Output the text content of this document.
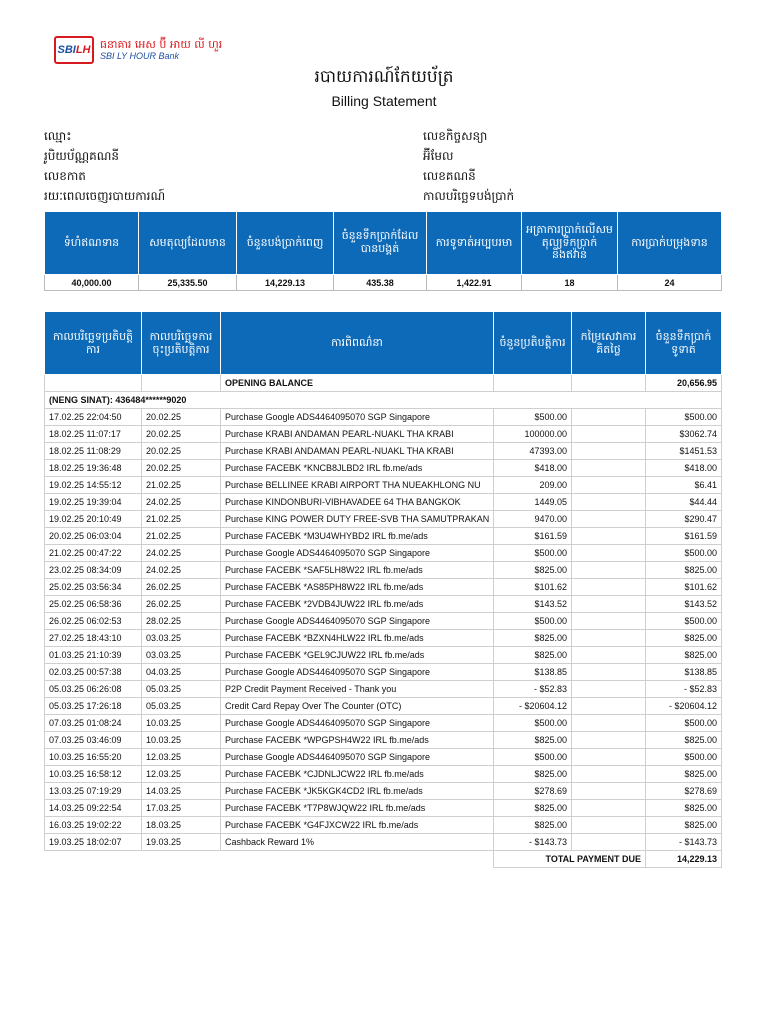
SBI LH ធនាគារ អេស ប៊ី អាយ លី ហួរ
SBI LY HOUR Bank
របាយការណ៍កែយប័ត្រ
Billing Statement
ឈ្មោះ
រូបិយប័ណ្ណគណនី
លេខកាត
រយៈពេលចេញរបាយការណ៍
លេខកិច្ចសន្យា
អ៊ីមែល
លេខគណនី
កាលបរិច្ឆេទបង់ប្រាក់
ទំហំឥណទាន	សមតុល្យដែលមាន	ចំនួនបង់ប្រាក់ពេញ	ចំនួនទឹកប្រាក់ដែលបានបង្គត់	ការទូទាត់អប្បបរមា	អត្រាការប្រាក់លើសមតុល្យទឹកប្រាក់និងឥវ៉ាន់	ការប្រាក់បម្រុងទាន
40,000.00	25,335.50	14,229.13	435.38	1,422.91	18	24
កាលបរិច្ឆេទប្រតិបត្តិការ	កាលបរិច្ឆេទការចុះប្រតិបត្តិការ	ការពិពណ៌នា	ចំនួនប្រតិបត្តិការ	កម្រៃសេវាការគិតថ្លៃ	ចំនួនទឹកប្រាក់ទូទាត់
		OPENING BALANCE			20,656.95
(NENG SINAT): 436484******9020					
17.02.25 22:04:50	20.02.25	Purchase Google ADS4464095070 SGP Singapore	$500.00		$500.00
18.02.25 11:07:17	20.02.25	Purchase KRABI ANDAMAN PEARL-NUAKL THA KRABI	100000.00		$3062.74
18.02.25 11:08:29	20.02.25	Purchase KRABI ANDAMAN PEARL-NUAKL THA KRABI	47393.00		$1451.53
18.02.25 19:36:48	20.02.25	Purchase FACEBK *KNCB8JLBD2 IRL fb.me/ads	$418.00		$418.00
19.02.25 14:55:12	21.02.25	Purchase BELLINEE KRABI AIRPORT THA NUEAKHLONG NU	209.00		$6.41
19.02.25 19:39:04	24.02.25	Purchase KINDONBURI-VIBHAVADEE 64 THA BANGKOK	1449.05		$44.44
19.02.25 20:10:49	21.02.25	Purchase KING POWER DUTY FREE-SVB THA SAMUTPRAKAN	9470.00		$290.47
20.02.25 06:03:04	21.02.25	Purchase FACEBK *M3U4WHYBD2 IRL fb.me/ads	$161.59		$161.59
21.02.25 00:47:22	24.02.25	Purchase Google ADS4464095070 SGP Singapore	$500.00		$500.00
23.02.25 08:34:09	24.02.25	Purchase FACEBK *SAF5LH8W22 IRL fb.me/ads	$825.00		$825.00
25.02.25 03:56:34	26.02.25	Purchase FACEBK *AS85PH8W22 IRL fb.me/ads	$101.62		$101.62
25.02.25 06:58:36	26.02.25	Purchase FACEBK *2VDB4JUW22 IRL fb.me/ads	$143.52		$143.52
26.02.25 06:02:53	28.02.25	Purchase Google ADS4464095070 SGP Singapore	$500.00		$500.00
27.02.25 18:43:10	03.03.25	Purchase FACEBK *BZXN4HLW22 IRL fb.me/ads	$825.00		$825.00
01.03.25 21:10:39	03.03.25	Purchase FACEBK *GEL9CJUW22 IRL fb.me/ads	$825.00		$825.00
02.03.25 00:57:38	04.03.25	Purchase Google ADS4464095070 SGP Singapore	$138.85		$138.85
05.03.25 06:26:08	05.03.25	P2P Credit Payment Received - Thank you	- $52.83		- $52.83
05.03.25 17:26:18	05.03.25	Credit Card Repay Over The Counter (OTC)	- $20604.12		- $20604.12
07.03.25 01:08:24	10.03.25	Purchase Google ADS4464095070 SGP Singapore	$500.00		$500.00
07.03.25 03:46:09	10.03.25	Purchase FACEBK *WPGPSH4W22 IRL fb.me/ads	$825.00		$825.00
10.03.25 16:55:20	12.03.25	Purchase Google ADS4464095070 SGP Singapore	$500.00		$500.00
10.03.25 16:58:12	12.03.25	Purchase FACEBK *CJDNLJCW22 IRL fb.me/ads	$825.00		$825.00
13.03.25 07:19:29	14.03.25	Purchase FACEBK *JK5KGK4CD2 IRL fb.me/ads	$278.69		$278.69
14.03.25 09:22:54	17.03.25	Purchase FACEBK *T7P8WJQW22 IRL fb.me/ads	$825.00		$825.00
16.03.25 19:02:22	18.03.25	Purchase FACEBK *G4FJXCW22 IRL fb.me/ads	$825.00		$825.00
19.03.25 18:02:07	19.03.25	Cashback Reward 1%	- $143.73		- $143.73
			TOTAL PAYMENT DUE		14,229.13
